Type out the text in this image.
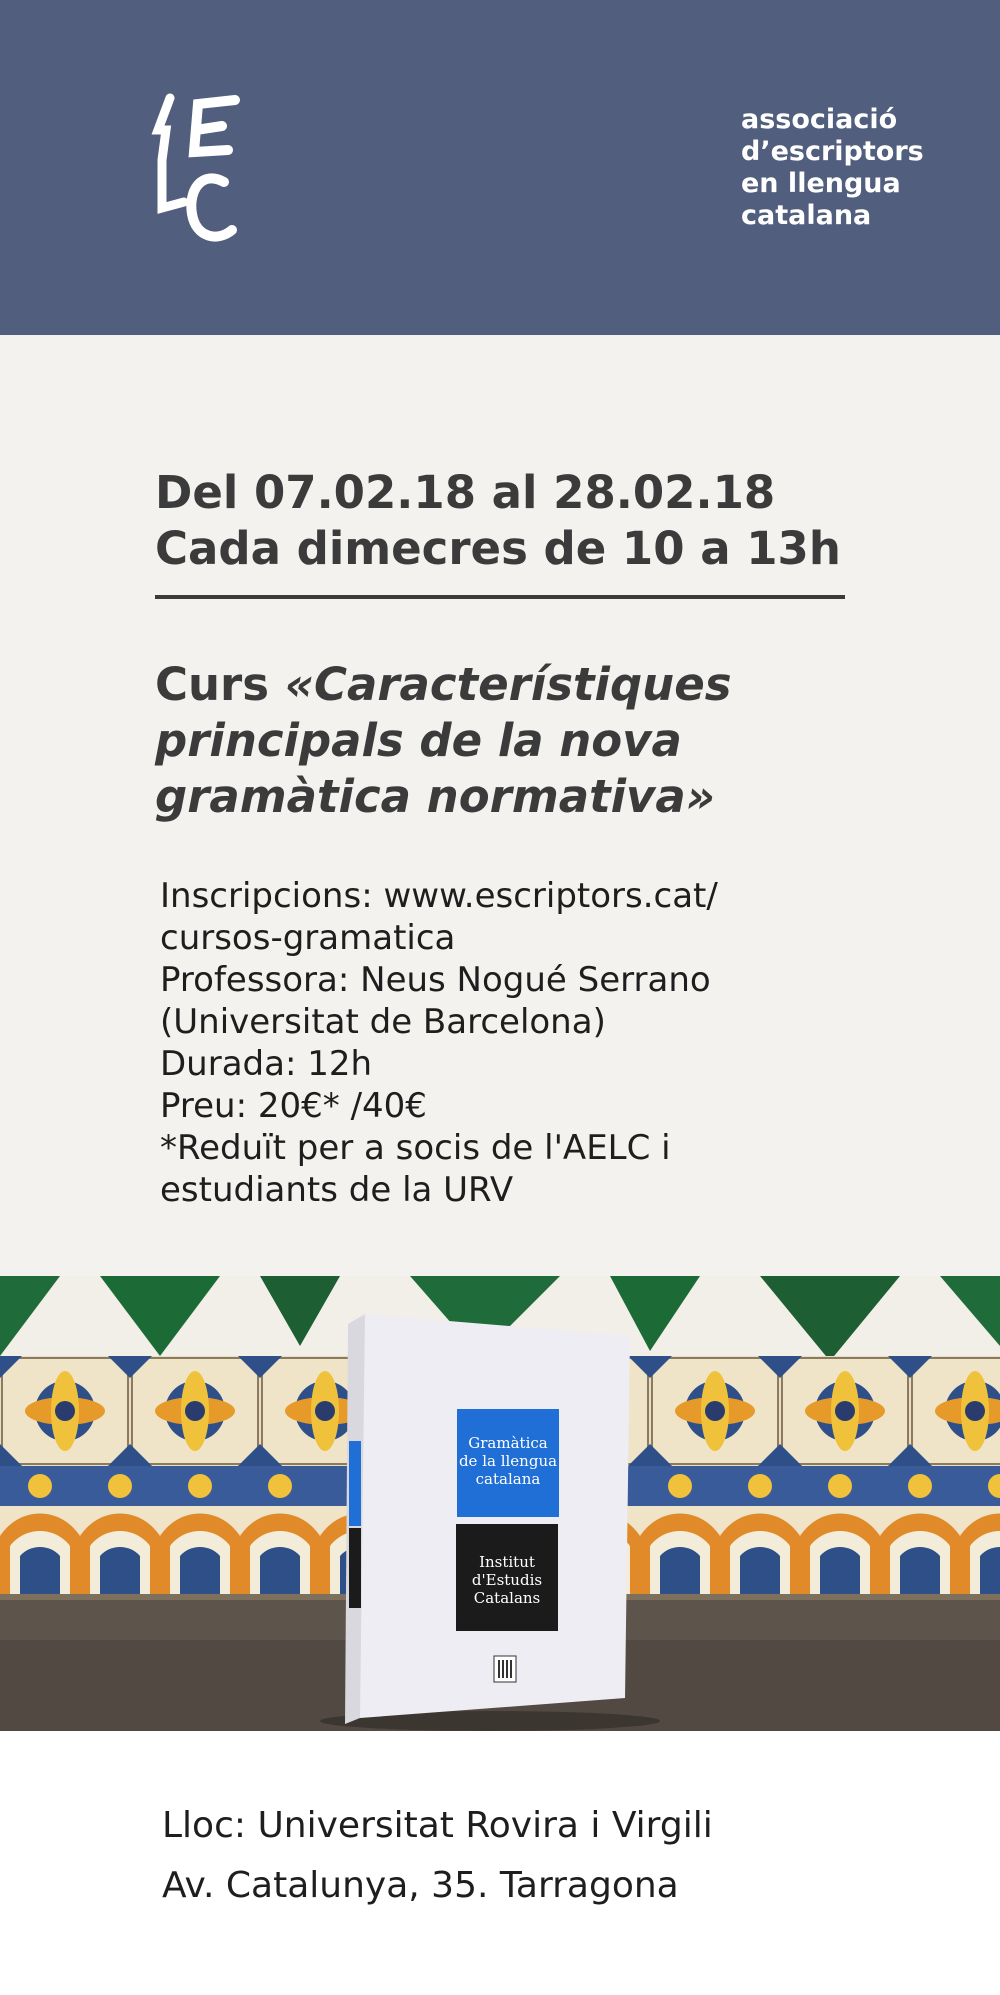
associació
d’escriptors
en llengua
catalana
Del 07.02.18 al 28.02.18
Cada dimecres de 10 a 13h
Curs «Característiques
principals de la nova
gramàtica normativa»
Inscripcions: www.escriptors.cat/
cursos-gramatica
Professora: Neus Nogué Serrano
(Universitat de Barcelona)
Durada: 12h
Preu: 20€* /40€
*Reduït per a socis de l'AELC i
estudiants de la URV
Gramàtica
de la llengua
catalana
Institut
d'Estudis
Catalans
Lloc: Universitat Rovira i Virgili
Av. Catalunya, 35. Tarragona
